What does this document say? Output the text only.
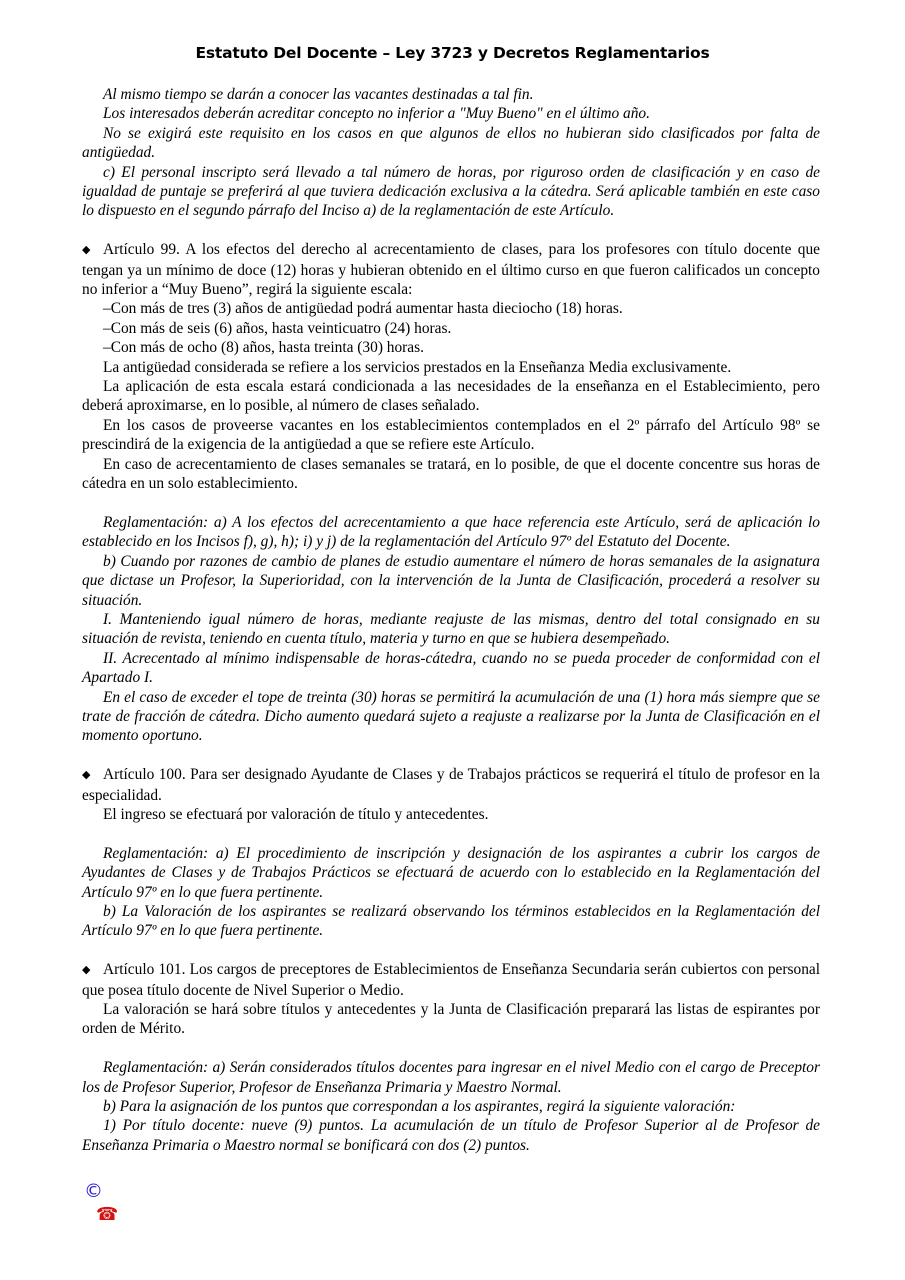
Estatuto Del Docente – Ley 3723 y Decretos Reglamentarios

Al mismo tiempo se darán a conocer las vacantes destinadas a tal fin.

Los interesados deberán acreditar concepto no inferior a "Muy Bueno" en el último año.

No se exigirá este requisito en los casos en que algunos de ellos no hubieran sido clasificados por falta de antigüedad.

c) El personal inscripto será llevado a tal número de horas, por riguroso orden de clasificación y en caso de igualdad de puntaje se preferirá al que tuviera dedicación exclusiva a la cátedra. Será aplicable también en este caso lo dispuesto en el segundo párrafo del Inciso a) de la reglamentación de este Artículo.

◆ Artículo 99. A los efectos del derecho al acrecentamiento de clases, para los profesores con título docente que tengan ya un mínimo de doce (12) horas y hubieran obtenido en el último curso en que fueron calificados un concepto no inferior a “Muy Bueno”, regirá la siguiente escala:

–Con más de tres (3) años de antigüedad podrá aumentar hasta dieciocho (18) horas.

–Con más de seis (6) años, hasta veinticuatro (24) horas.

–Con más de ocho (8) años, hasta treinta (30) horas.

La antigüedad considerada se refiere a los servicios prestados en la Enseñanza Media exclusivamente.

La aplicación de esta escala estará condicionada a las necesidades de la enseñanza en el Establecimiento, pero deberá aproximarse, en lo posible, al número de clases señalado.

En los casos de proveerse vacantes en los establecimientos contemplados en el 2º párrafo del Artículo 98º se prescindirá de la exigencia de la antigüedad a que se refiere este Artículo.

En caso de acrecentamiento de clases semanales se tratará, en lo posible, de que el docente concentre sus horas de cátedra en un solo establecimiento.

Reglamentación: a) A los efectos del acrecentamiento a que hace referencia este Artículo, será de aplicación lo establecido en los Incisos f), g), h); i) y j) de la reglamentación del Artículo 97º del Estatuto del Docente.

b) Cuando por razones de cambio de planes de estudio aumentare el número de horas semanales de la asignatura que dictase un Profesor, la Superioridad, con la intervención de la Junta de Clasificación, procederá a resolver su situación.

I. Manteniendo igual número de horas, mediante reajuste de las mismas, dentro del total consignado en su situación de revista, teniendo en cuenta título, materia y turno en que se hubiera desempeñado.

II. Acrecentado al mínimo indispensable de horas-cátedra, cuando no se pueda proceder de conformidad con el Apartado I.

En el caso de exceder el tope de treinta (30) horas se permitirá la acumulación de una (1) hora más siempre que se trate de fracción de cátedra. Dicho aumento quedará sujeto a reajuste a realizarse por la Junta de Clasificación en el momento oportuno.

◆ Artículo 100. Para ser designado Ayudante de Clases y de Trabajos prácticos se requerirá el título de profesor en la especialidad.

El ingreso se efectuará por valoración de título y antecedentes.

Reglamentación: a) El procedimiento de inscripción y designación de los aspirantes a cubrir los cargos de Ayudantes de Clases y de Trabajos Prácticos se efectuará de acuerdo con lo establecido en la Reglamentación del Artículo 97º en lo que fuera pertinente.

b) La Valoración de los aspirantes se realizará observando los términos establecidos en la Reglamentación del Artículo 97º en lo que fuera pertinente.

◆ Artículo 101. Los cargos de preceptores de Establecimientos de Enseñanza Secundaria serán cubiertos con personal que posea título docente de Nivel Superior o Medio.

La valoración se hará sobre títulos y antecedentes y la Junta de Clasificación preparará las listas de espirantes por orden de Mérito.

Reglamentación: a) Serán considerados títulos docentes para ingresar en el nivel Medio con el cargo de Preceptor los de Profesor Superior, Profesor de Enseñanza Primaria y Maestro Normal.

b) Para la asignación de los puntos que correspondan a los aspirantes, regirá la siguiente valoración:

1) Por título docente: nueve (9) puntos. La acumulación de un título de Profesor Superior al de Profesor de Enseñanza Primaria o Maestro normal se bonificará con dos (2) puntos.

©
☎
